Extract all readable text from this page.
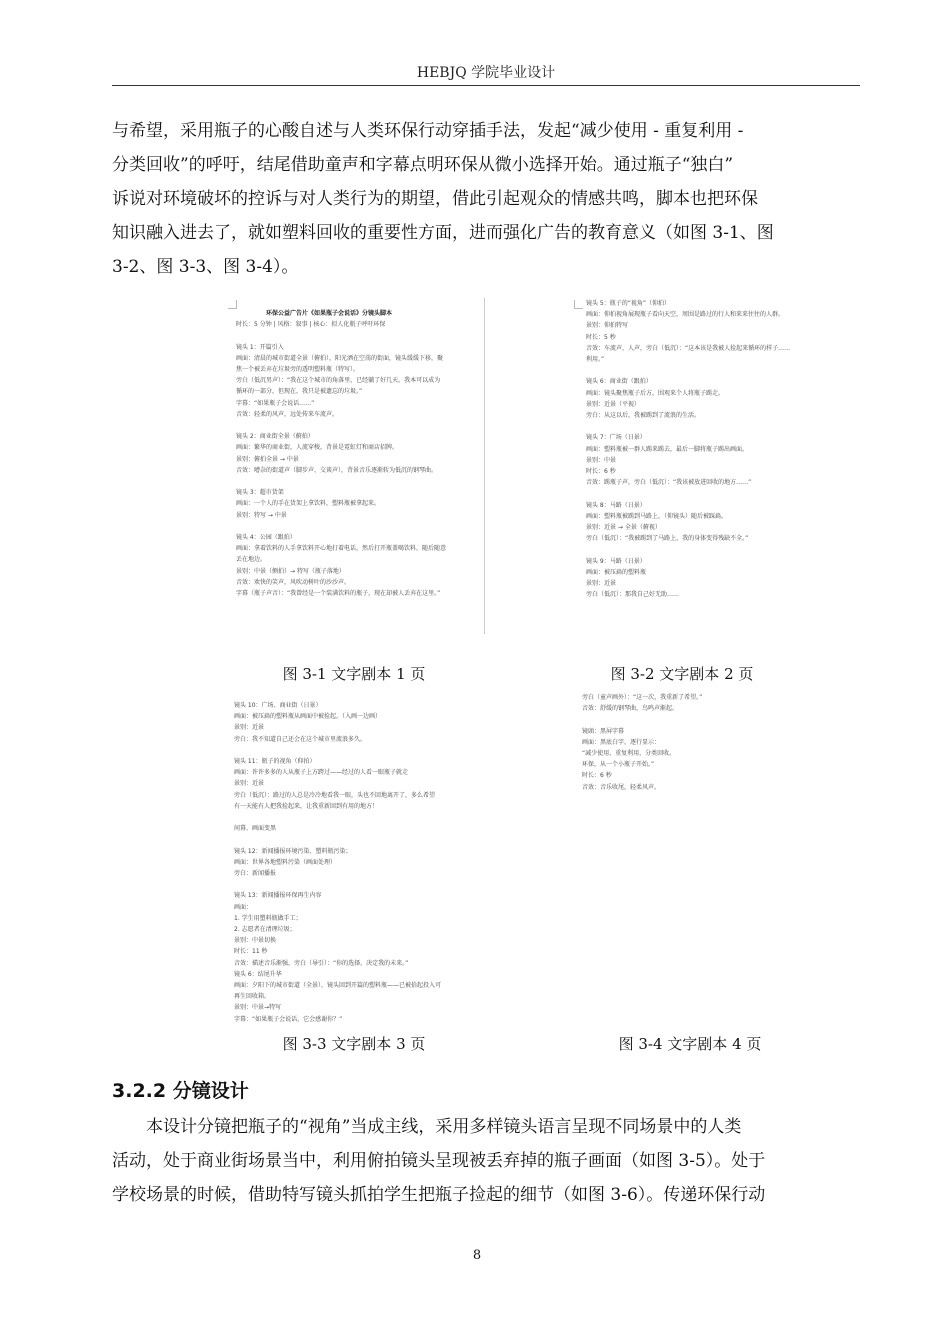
HEBJQ 学院毕业设计
与希望，采用瓶子的心酸自述与人类环保行动穿插手法，发起“减少使用 - 重复利用 -
分类回收”的呼吁，结尾借助童声和字幕点明环保从微小选择开始。通过瓶子“独白”
诉说对环境破坏的控诉与对人类行为的期望，借此引起观众的情感共鸣，脚本也把环保
知识融入进去了，就如塑料回收的重要性方面，进而强化广告的教育意义（如图 3-1、图
3-2、图 3-3、图 3-4）。
环保公益广告片《如果瓶子会说话》分镜头脚本
时长：5 分钟 | 风格：叙事 | 核心：拟人化瓶子呼吁环保
镜头 1：开篇引入
画面：清晨的城市街道全景（俯拍），阳光洒在空荡的街面，镜头缓缓下移，聚
焦一个被丢弃在垃圾旁的透明塑料瓶（特写）。
旁白（低沉男声）：“我在这个城市的角落里，已经躺了好几天。我本可以成为
循环的一部分，但现在，我只是被遗忘的垃圾。”
字幕：“如果瓶子会说话……”
音效：轻柔的风声，远处传来车流声。
镜头 2：商业街全景（俯拍）
画面：繁华的商业街，人流穿梭，背景是霓虹灯和商店招牌。
景别：俯拍全景 → 中景
音效：嘈杂的街道声（脚步声、交谈声），背景音乐逐渐转为低沉的钢琴曲。
镜头 3：超市货架
画面：一个人的手在货架上拿饮料，塑料瓶被拿起来。
景别：特写 → 中景
镜头 4：公园（跟拍）
画面：拿着饮料的人手拿饮料开心地打着电话，然后打开瓶盖喝饮料，随后随意
丢在地边。
景别：中景（侧拍）→ 特写（瓶子落地）
音效：欢快的笑声，风吹动树叶的沙沙声。
字幕（瓶子声音）：“我曾经是一个装满饮料的瓶子，现在却被人丢弃在这里。”
镜头 5：瓶子的“视角”（仰拍）
画面：仰拍视角展现瓶子看向天空，周围是路过的行人和来来往往的人群。
景别：仰拍特写
时长：5 秒
音效：车流声，人声，旁白（低沉）：“这本该是我被人捡起来循环的样子……
利用。”
镜头 6：商业街（跟拍）
画面：镜头聚焦瓶子后方，围观来个人将瓶子踢走。
景别：近景（平视）
旁白：从这以后，我被踢到了流浪的生活。
镜头 7：广场（日景）
画面：塑料瓶被一群人踢来踢去，最后一脚将瓶子踢出画面。
景别：中景
时长：6 秒
音效：踢瓶子声，旁白（低沉）：“我该被放进回收的地方……”
镜头 8：马路（日景）
画面：塑料瓶被踢到马路上，（仰镜头）随后被踩扁。
景别：近景 → 全景（俯视）
旁白（低沉）：“我被踢到了马路上，我的身体变得残缺不全。”
镜头 9：马路（日景）
画面：被压扁的塑料瓶
景别：近景
旁白（低沉）：那我自己好无助……
图 3-1 文字剧本 1 页	图 3-2 文字剧本 2 页
镜头 10：广场、商业街（日景）
画面：被压扁的塑料瓶从画面中被捡起，（入画一边画）
景别：近景
旁白：我不知道自己还会在这个城市里流浪多久。
镜头 11：瓶子的视角（仰拍）
画面：许许多多的人从瓶子上方跨过——经过的人看一眼瓶子就走
景别：近景
旁白（低沉）：路过的人总是冷冷地看我一眼，头也不回地离开了，多么希望
有一天能有人把我捡起来，让我重新回到有用的地方！
间幕、画面变黑
镜头 12：新闻播报环境污染、塑料瓶污染；
画面：世界各地塑料污染（画面处理）
旁白：新闻播报
镜头 13：新闻播报环保再生内容
画面：
1. 学生用塑料瓶做手工；
2. 志愿者在清理垃圾；
景别：中景切换
时长：11 秒
音效：描述音乐渐强，旁白（导引）：“你的选择，决定我的未来。”
镜头 6：结尾升华
画面：夕阳下的城市街道（全景），镜头回到开篇的塑料瓶——已被拾起投入可
再生回收箱。
景别：中景→特写
字幕：“如果瓶子会说话，它会感谢你？”
旁白（童声画外）：“这一次，我重新了希望。”
音效：舒缓的钢琴曲，鸟鸣声渐起。
镜頭：黑屏字幕
画面：黑底白字，逐行显示：
“减少使用，重复利用，分类回收。
环保，从一个小瓶子开始。”
时长：6 秒
音效：音乐收尾，轻柔风声。
图 3-3 文字剧本 3 页	图 3-4 文字剧本 4 页
3.2.2 分镜设计
本设计分镜把瓶子的“视角”当成主线，采用多样镜头语言呈现不同场景中的人类
活动，处于商业街场景当中，利用俯拍镜头呈现被丢弃掉的瓶子画面（如图 3-5）。处于
学校场景的时候，借助特写镜头抓拍学生把瓶子捡起的细节（如图 3-6）。传递环保行动
8
